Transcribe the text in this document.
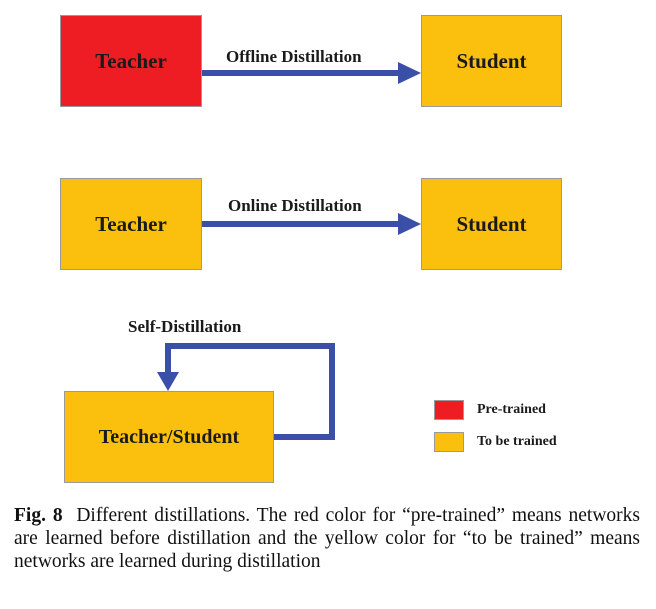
Teacher	Offline Distillation	Student
Teacher
Online Distillation
Student
Self-Distillation
Teacher/Student
Pre-trained
To be trained
Fig. 8 Different distillations. The red color for “pre-trained” means networks are learned before distillation and the yellow color for “to be trained” means networks are learned during distillation
